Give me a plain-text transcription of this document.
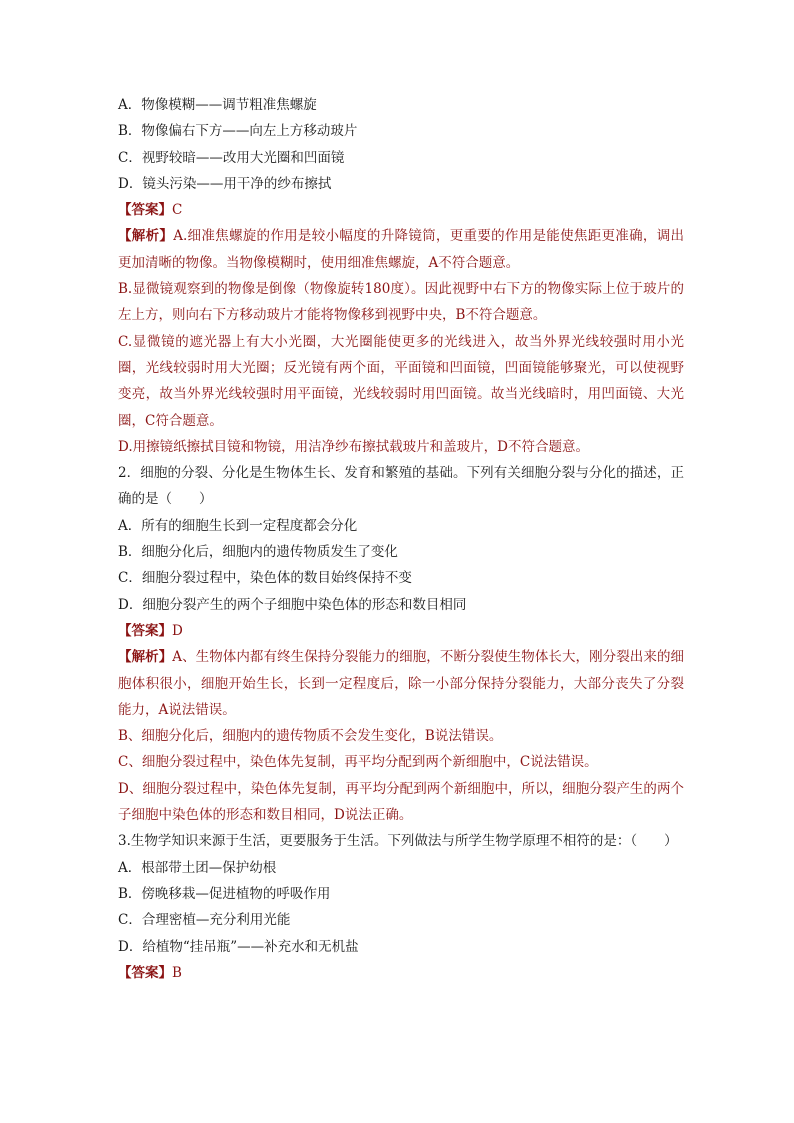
A．物像模糊——调节粗准焦螺旋
B．物像偏右下方——向左上方移动玻片
C．视野较暗——改用大光圈和凹面镜
D．镜头污染——用干净的纱布擦拭
【答案】C
【解析】A.细准焦螺旋的作用是较小幅度的升降镜筒，更重要的作用是能使焦距更准确，调出更加清晰的物像。当物像模糊时，使用细准焦螺旋，A不符合题意。
B.显微镜观察到的物像是倒像（物像旋转180度）。因此视野中右下方的物像实际上位于玻片的左上方，则向右下方移动玻片才能将物像移到视野中央，B不符合题意。
C.显微镜的遮光器上有大小光圈，大光圈能使更多的光线进入，故当外界光线较强时用小光圈，光线较弱时用大光圈；反光镜有两个面，平面镜和凹面镜，凹面镜能够聚光，可以使视野变亮，故当外界光线较强时用平面镜，光线较弱时用凹面镜。故当光线暗时，用凹面镜、大光圈，C符合题意。
D.用擦镜纸擦拭目镜和物镜，用洁净纱布擦拭载玻片和盖玻片，D不符合题意。
2．细胞的分裂、分化是生物体生长、发育和繁殖的基础。下列有关细胞分裂与分化的描述，正确的是（　　）
A．所有的细胞生长到一定程度都会分化
B．细胞分化后，细胞内的遗传物质发生了变化
C．细胞分裂过程中，染色体的数目始终保持不变
D．细胞分裂产生的两个子细胞中染色体的形态和数目相同
【答案】D
【解析】A、生物体内都有终生保持分裂能力的细胞，不断分裂使生物体长大，刚分裂出来的细胞体积很小，细胞开始生长，长到一定程度后，除一小部分保持分裂能力，大部分丧失了分裂能力，A说法错误。
B、细胞分化后，细胞内的遗传物质不会发生变化，B说法错误。
C、细胞分裂过程中，染色体先复制，再平均分配到两个新细胞中，C说法错误。
D、细胞分裂过程中，染色体先复制，再平均分配到两个新细胞中，所以，细胞分裂产生的两个子细胞中染色体的形态和数目相同，D说法正确。
3.生物学知识来源于生活，更要服务于生活。下列做法与所学生物学原理不相符的是：（　　）
A．根部带土团—保护幼根
B．傍晚移栽—促进植物的呼吸作用
C．合理密植—充分利用光能
D．给植物“挂吊瓶”——补充水和无机盐
【答案】B
